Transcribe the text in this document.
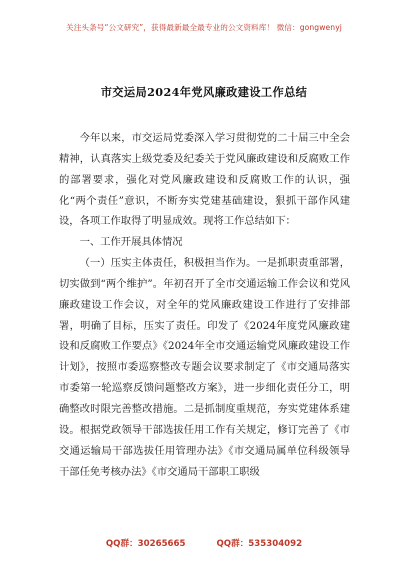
关注头条号“公文研究”，获得最新最全最专业的公文资料库！ 微信：gongwenyj
市交运局2024年党风廉政建设工作总结

今年以来，市交运局党委深入学习贯彻党的二十届三中全会精神，认真落实上级党委及纪委关于党风廉政建设和反腐败工作的部署要求，强化对党风廉政建设和反腐败工作的认识，强化“两个责任”意识，不断夯实党建基础建设，狠抓干部作风建设，各项工作取得了明显成效。现将工作总结如下：

一、工作开展具体情况

（一）压实主体责任，积极担当作为。一是抓职责重部署，切实做到“两个维护”。年初召开了全市交通运输工作会议和党风廉政建设工作会议，对全年的党风廉政建设工作进行了安排部署，明确了目标，压实了责任。印发了《2024年度党风廉政建设和反腐败工作要点》《2024年全市交通运输党风廉政建设工作计划》，按照市委巡察整改专题会议要求制定了《市交通局落实市委第一轮巡察反馈问题整改方案》，进一步细化责任分工，明确整改时限完善整改措施。二是抓制度重规范，夯实党建体系建设。根据党政领导干部选拔任用工作有关规定，修订完善了《市交通运输局干部选拔任用管理办法》《市交通局属单位科级领导干部任免考核办法》《市交通局干部职工职级

QQ群：30265665	QQ群：535304092
